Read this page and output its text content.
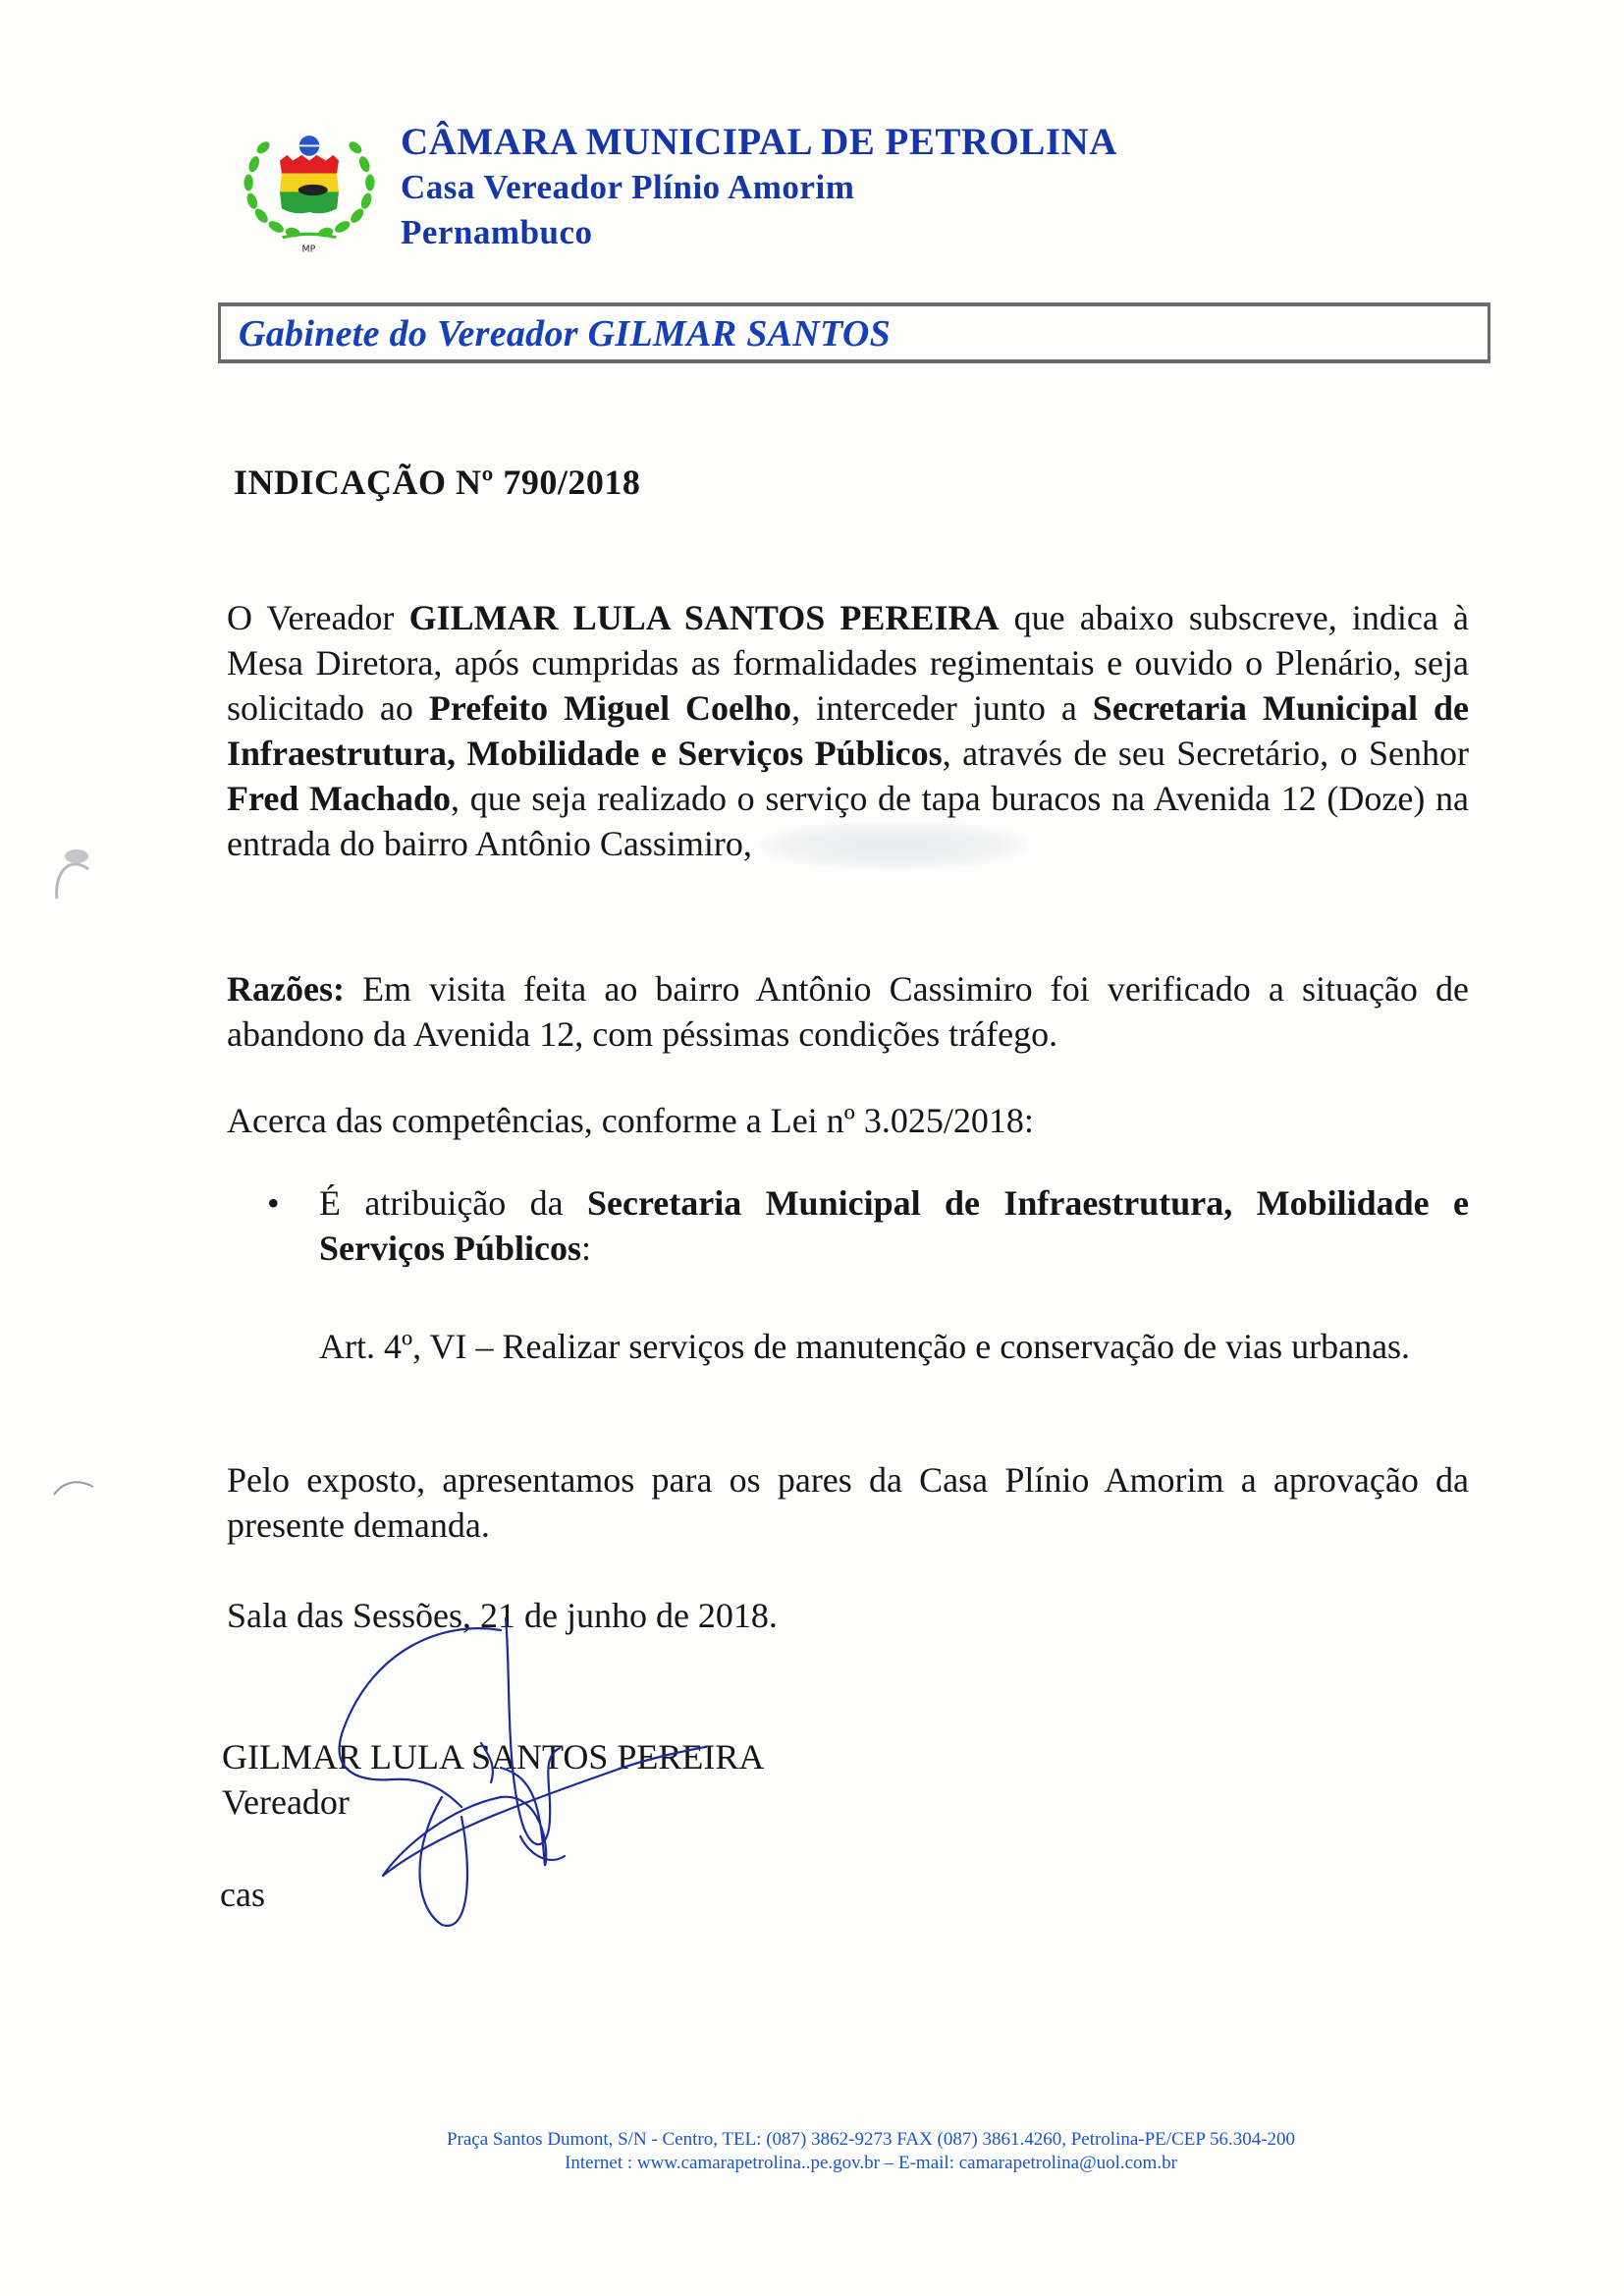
MP
CÂMARA MUNICIPAL DE PETROLINA
Casa Vereador Plínio Amorim
Pernambuco
Gabinete do Vereador GILMAR SANTOS
INDICAÇÃO Nº 790/2018
O Vereador GILMAR LULA SANTOS PEREIRA que abaixo subscreve, indica à Mesa Diretora, após cumpridas as formalidades regimentais e ouvido o Plenário, seja solicitado ao Prefeito Miguel Coelho, interceder junto a Secretaria Municipal de Infraestrutura, Mobilidade e Serviços Públicos, através de seu Secretário, o Senhor Fred Machado, que seja realizado o serviço de tapa buracos na Avenida 12 (Doze) na entrada do bairro Antônio Cassimiro,
Razões: Em visita feita ao bairro Antônio Cassimiro foi verificado a situação de abandono da Avenida 12, com péssimas condições tráfego.
Acerca das competências, conforme a Lei nº 3.025/2018:
• É atribuição da Secretaria Municipal de Infraestrutura, Mobilidade e Serviços Públicos:
Art. 4º, VI – Realizar serviços de manutenção e conservação de vias urbanas.
Pelo exposto, apresentamos para os pares da Casa Plínio Amorim a aprovação da presente demanda.
Sala das Sessões, 21 de junho de 2018.
GILMAR LULA SANTOS PEREIRA
Vereador
cas
Praça Santos Dumont, S/N - Centro, TEL: (087) 3862-9273 FAX (087) 3861.4260, Petrolina-PE/CEP 56.304-200
Internet : www.camarapetrolina..pe.gov.br – E-mail: camarapetrolina@uol.com.br
